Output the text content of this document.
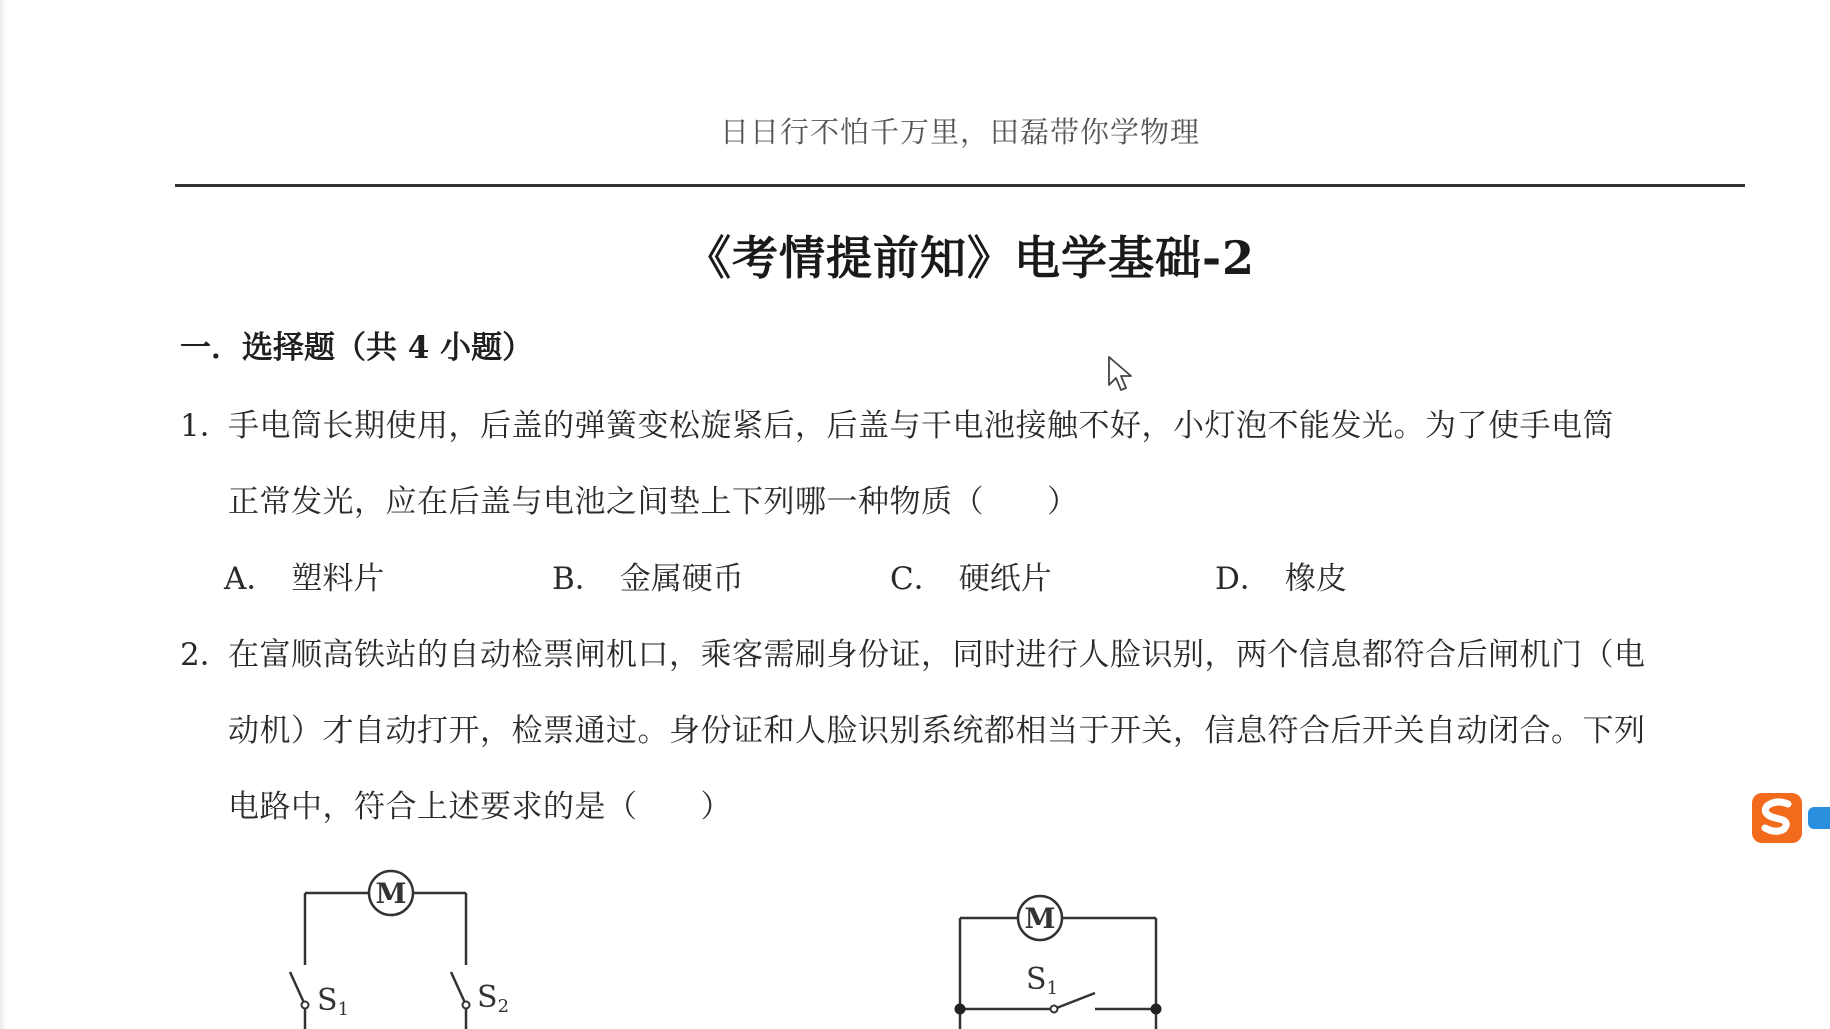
日日行不怕千万里，田磊带你学物理
《考情提前知》电学基础-2
一．选择题（共 4 小题）
1．
手电筒长期使用，后盖的弹簧变松旋紧后，后盖与干电池接触不好，小灯泡不能发光。为了使手电筒
正常发光，应在后盖与电池之间垫上下列哪一种物质（　　）
A． 塑料片	B． 金属硬币	C． 硬纸片	D． 橡皮
2．
在富顺高铁站的自动检票闸机口，乘客需刷身份证，同时进行人脸识别，两个信息都符合后闸机门（电
动机）才自动打开，检票通过。身份证和人脸识别系统都相当于开关，信息符合后开关自动闭合。下列
电路中，符合上述要求的是（　　）
M
S1	S2
M
S1
